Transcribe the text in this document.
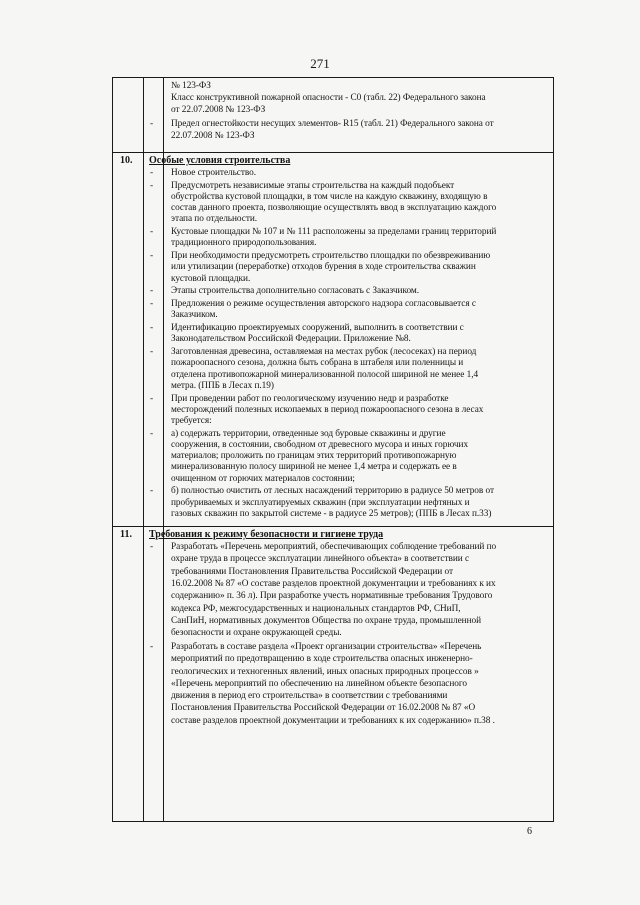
271
№ 123-ФЗ
Класс конструктивной пожарной опасности - С0 (табл. 22) Федерального закона
от 22.07.2008 № 123-ФЗ
- Предел огнестойкости несущих элементов- R15 (табл. 21) Федерального закона от
22.07.2008 № 123-ФЗ
10. Особые условия строительства
11. Требования к режиму безопасности и гигиене труда
- Новое строительство.
- Предусмотреть независимые этапы строительства на каждый подобъект
обустройства кустовой площадки, в том числе на каждую скважину, входящую в
состав данного проекта, позволяющие осуществлять ввод в эксплуатацию каждого
этапа по отдельности.
- Кустовые площадки № 107 и № 111 расположены за пределами границ территорий
традиционного природопользования.
- При необходимости предусмотреть строительство площадки по обезвреживанию
или утилизации (переработке) отходов бурения в ходе строительства скважин
кустовой площадки.
- Этапы строительства дополнительно согласовать с Заказчиком.
- Предложения о режиме осуществления авторского надзора согласовывается с
Заказчиком.
- Идентификацию проектируемых сооружений, выполнить в соответствии с
Законодательством Российской Федерации. Приложение №8.
- Заготовленная древесина, оставляемая на местах рубок (лесосеках) на период
пожароопасного сезона, должна быть собрана в штабеля или поленницы и
отделена противопожарной минерализованной полосой шириной не менее 1,4
метра. (ППБ в Лесах п.19)
- При проведении работ по геологическому изучению недр и разработке
месторождений полезных ископаемых в период пожароопасного сезона в лесах
требуется:
- а) содержать территории, отведенные зод буровые скважины и другие
сооружения, в состоянии, свободном от древесного мусора и иных горючих
материалов; проложить по границам этих территорий противопожарную
минерализованную полосу шириной не менее 1,4 метра и содержать ее в
очищенном от горючих материалов состоянии;
- б) полностью очистить от лесных насаждений территорию в радиусе 50 метров от
пробуриваемых и эксплуатируемых скважин (при эксплуатации нефтяных и
газовых скважин по закрытой системе - в радиусе 25 метров); (ППБ в Лесах п.33)
- Разработать «Перечень мероприятий, обеспечивающих соблюдение требований по
охране труда в процессе эксплуатации линейного объекта» в соответствии с
требованиями Постановления Правительства Российской Федерации от
16.02.2008 № 87 «О составе разделов проектной документации и требованиях к их
содержанию» п. 36 л). При разработке учесть нормативные требования Трудового
кодекса РФ, межгосударственных и национальных стандартов РФ, СНиП,
СанПиН, нормативных документов Общества по охране труда, промышленной
безопасности и охране окружающей среды.
- Разработать в составе раздела «Проект организации строительства» «Перечень
мероприятий по предотвращению в ходе строительства опасных инженерно-
геологических и техногенных явлений, иных опасных природных процессов »
«Перечень мероприятий по обеспечению на линейном объекте безопасного
движения в период его строительства» в соответствии с требованиями
Постановления Правительства Российской Федерации от 16.02.2008 № 87 «О
составе разделов проектной документации и требованиях к их содержанию» п.38 .
6
